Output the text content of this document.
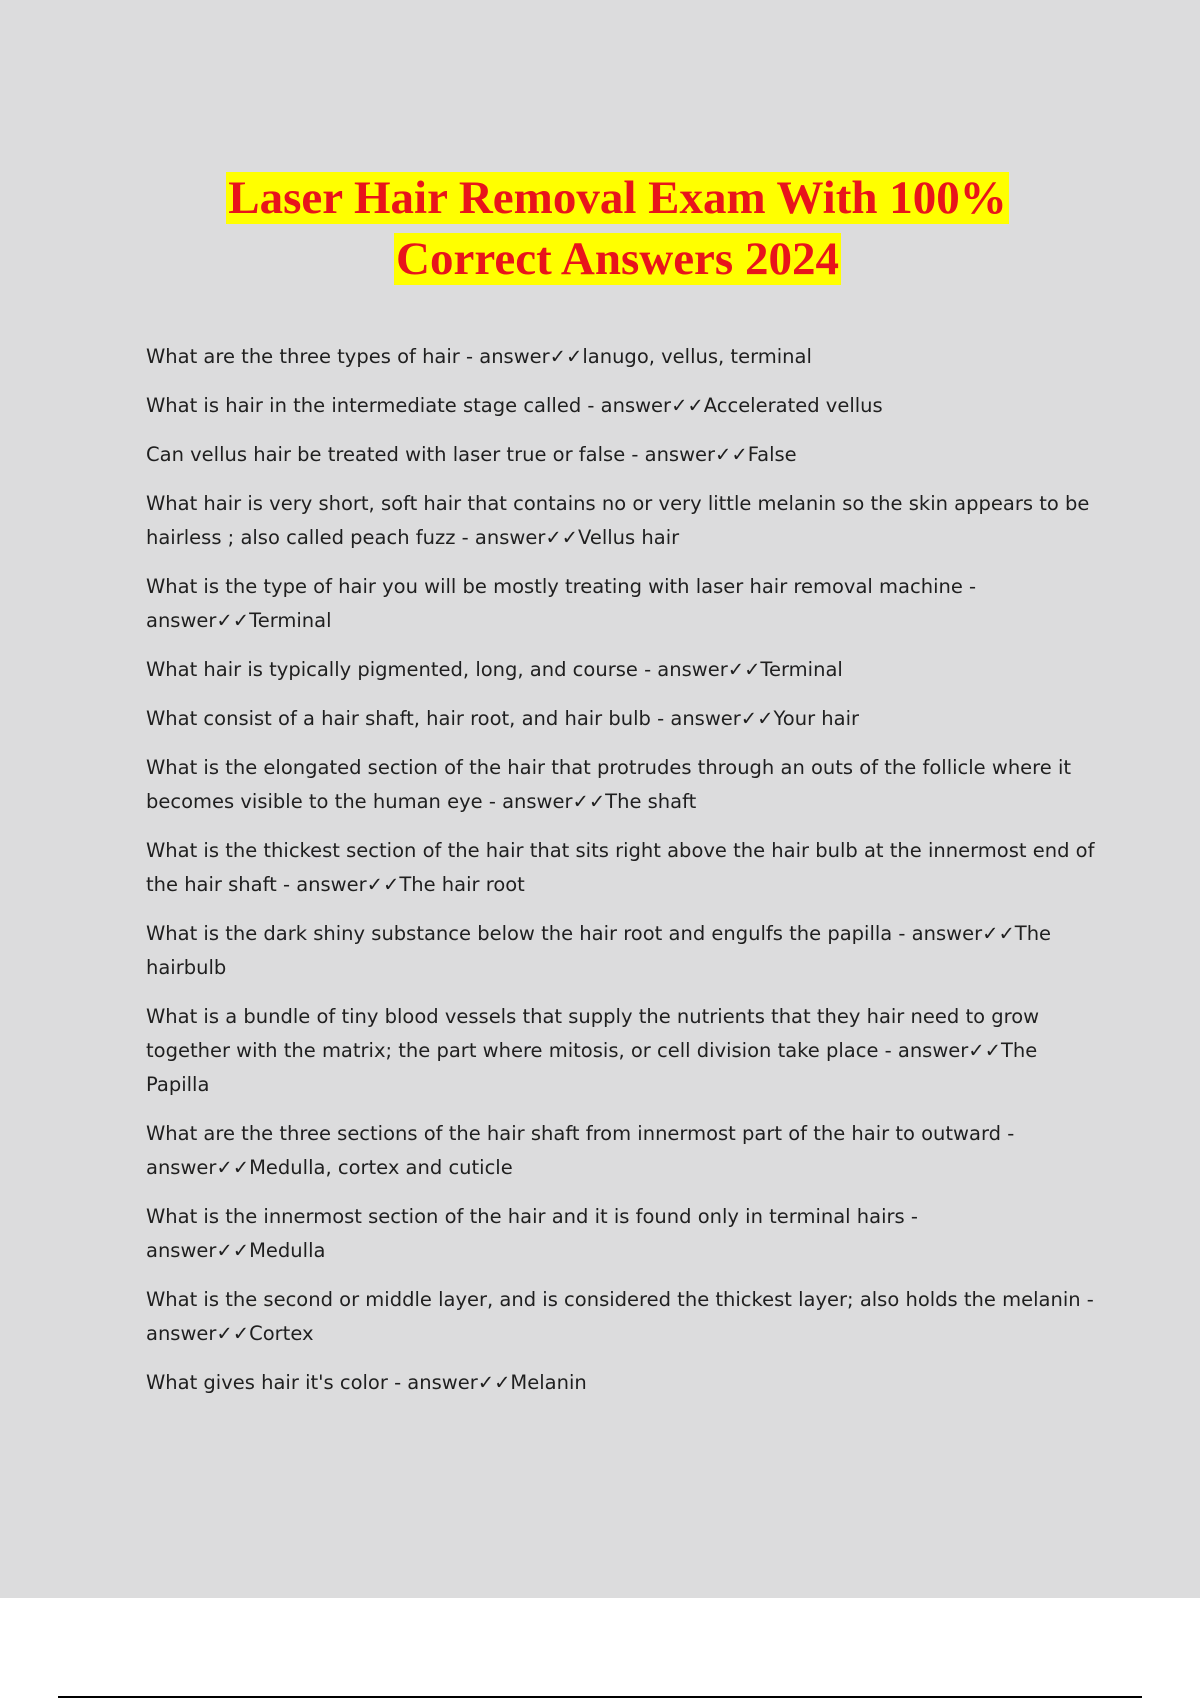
Laser Hair Removal Exam With 100%
Correct Answers 2024
What are the three types of hair - answer✓✓lanugo, vellus, terminal
What is hair in the intermediate stage called - answer✓✓Accelerated vellus
Can vellus hair be treated with laser true or false - answer✓✓False
What hair is very short, soft hair that contains no or very little melanin so the skin appears to be hairless ; also called peach fuzz - answer✓✓Vellus hair
What is the type of hair you will be mostly treating with laser hair removal machine - answer✓✓Terminal
What hair is typically pigmented, long, and course - answer✓✓Terminal
What consist of a hair shaft, hair root, and hair bulb - answer✓✓Your hair
What is the elongated section of the hair that protrudes through an outs of the follicle where it becomes visible to the human eye - answer✓✓The shaft
What is the thickest section of the hair that sits right above the hair bulb at the innermost end of the hair shaft - answer✓✓The hair root
What is the dark shiny substance below the hair root and engulfs the papilla - answer✓✓The hairbulb
What is a bundle of tiny blood vessels that supply the nutrients that they hair need to grow together with the matrix; the part where mitosis, or cell division take place - answer✓✓The Papilla
What are the three sections of the hair shaft from innermost part of the hair to outward - answer✓✓Medulla, cortex and cuticle
What is the innermost section of the hair and it is found only in terminal hairs - answer✓✓Medulla
What is the second or middle layer, and is considered the thickest layer; also holds the melanin - answer✓✓Cortex
What gives hair it's color - answer✓✓Melanin
